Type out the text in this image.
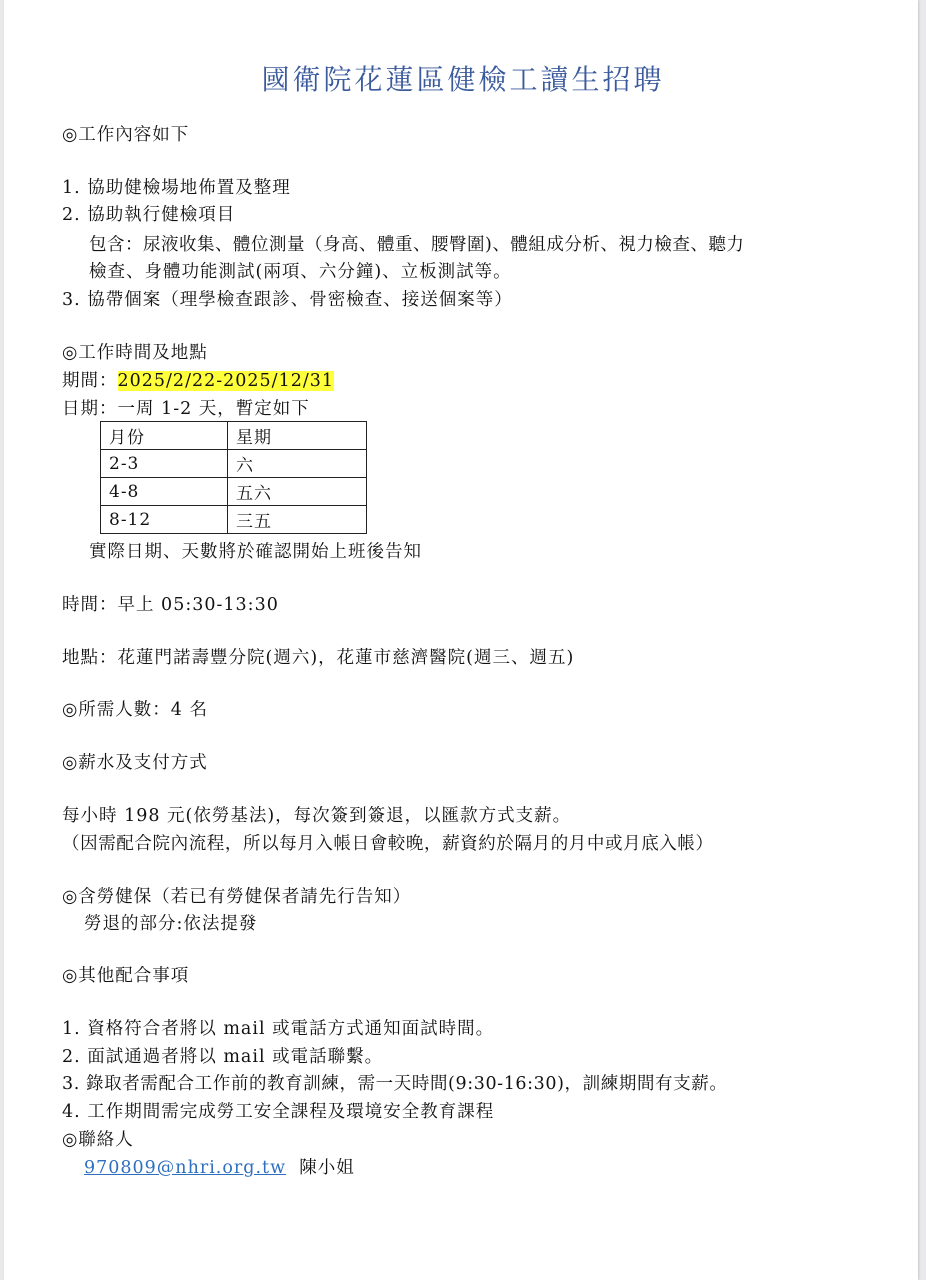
國衛院花蓮區健檢工讀生招聘
◎工作內容如下
1. 協助健檢場地佈置及整理
2. 協助執行健檢項目
包含：尿液收集、體位測量（身高、體重、腰臀圍)、體組成分析、視力檢查、聽力
檢查、身體功能測試(兩項、六分鐘)、立板測試等。
3. 協帶個案（理學檢查跟診、骨密檢查、接送個案等）
◎工作時間及地點
期間：2025/2/22-2025/12/31
日期：一周 1-2 天，暫定如下
月份	星期
2-3	六
4-8	五六
8-12	三五
實際日期、天數將於確認開始上班後告知
時間：早上 05:30-13:30
地點：花蓮門諾壽豐分院(週六)，花蓮市慈濟醫院(週三、週五)
◎所需人數：4 名
◎薪水及支付方式
每小時 198 元(依勞基法)，每次簽到簽退，以匯款方式支薪。
（因需配合院內流程，所以每月入帳日會較晚，薪資約於隔月的月中或月底入帳）
◎含勞健保（若已有勞健保者請先行告知）
勞退的部分:依法提發
◎其他配合事項
1. 資格符合者將以 mail 或電話方式通知面試時間。
2. 面試通過者將以 mail 或電話聯繫。
3. 錄取者需配合工作前的教育訓練，需一天時間(9:30-16:30)，訓練期間有支薪。
4. 工作期間需完成勞工安全課程及環境安全教育課程
◎聯絡人
970809@nhri.org.tw 陳小姐
